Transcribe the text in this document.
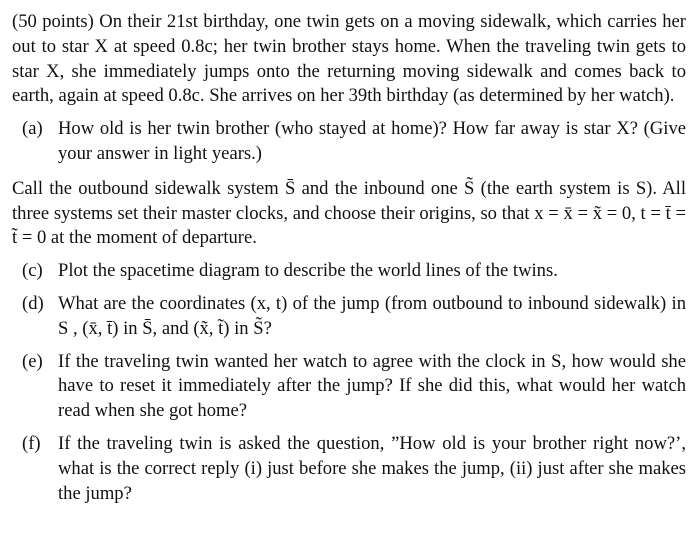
(50 points) On their 21st birthday, one twin gets on a moving sidewalk, which carries her out to star X at speed 0.8c; her twin brother stays home. When the traveling twin gets to star X, she immediately jumps onto the returning moving sidewalk and comes back to earth, again at speed 0.8c. She arrives on her 39th birthday (as determined by her watch).

(a) How old is her twin brother (who stayed at home)? How far away is star X? (Give your answer in light years.)

Call the outbound sidewalk system S̄ and the inbound one S̃ (the earth system is S). All three systems set their master clocks, and choose their origins, so that x = x̄ = x̃ = 0, t = t̄ = t̃ = 0 at the moment of departure.

(c) Plot the spacetime diagram to describe the world lines of the twins.
(d) What are the coordinates (x, t) of the jump (from outbound to inbound sidewalk) in S , (x̄, t̄) in S̄, and (x̃, t̃) in S̃?
(e) If the traveling twin wanted her watch to agree with the clock in S, how would she have to reset it immediately after the jump? If she did this, what would her watch read when she got home?
(f) If the traveling twin is asked the question, ”How old is your brother right now?’, what is the correct reply (i) just before she makes the jump, (ii) just after she makes the jump?
